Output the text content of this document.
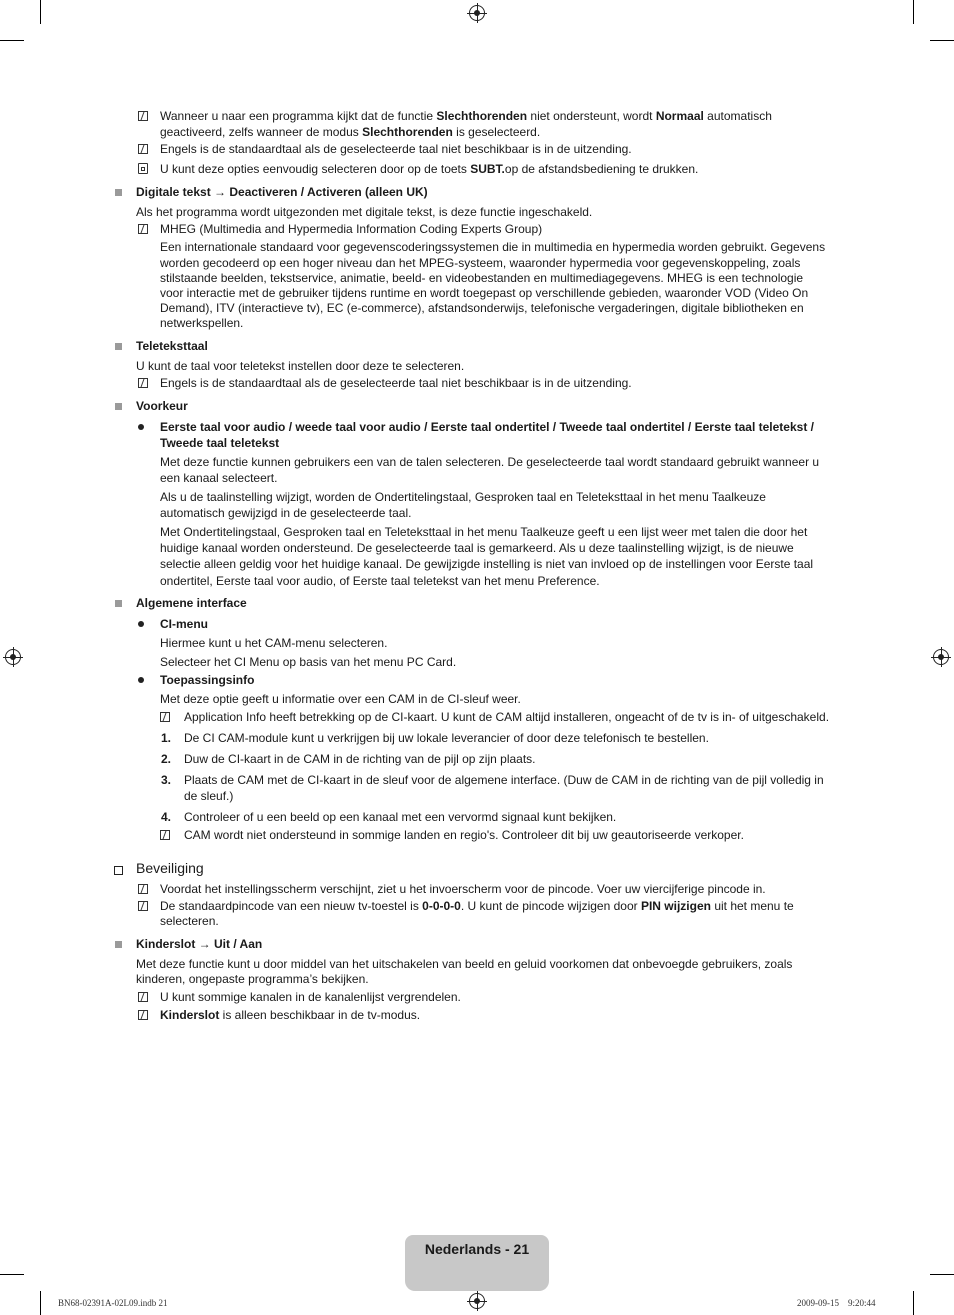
Wanneer u naar een programma kijkt dat de functie Slechthorenden niet ondersteunt, wordt Normaal automatisch
geactiveerd, zelfs wanneer de modus Slechthorenden is geselecteerd.
Engels is de standaardtaal als de geselecteerde taal niet beschikbaar is in de uitzending.
U kunt deze opties eenvoudig selecteren door op de toets SUBT.op de afstandsbediening te drukken.
Digitale tekst → Deactiveren / Activeren (alleen UK)
Als het programma wordt uitgezonden met digitale tekst, is deze functie ingeschakeld.
MHEG (Multimedia and Hypermedia Information Coding Experts Group)
Een internationale standaard voor gegevenscoderingssystemen die in multimedia en hypermedia worden gebruikt. Gegevens
worden gecodeerd op een hoger niveau dan het MPEG-systeem, waaronder hypermedia voor gegevenskoppeling, zoals
stilstaande beelden, tekstservice, animatie, beeld- en videobestanden en multimediagegevens. MHEG is een technologie
voor interactie met de gebruiker tijdens runtime en wordt toegepast op verschillende gebieden, waaronder VOD (Video On
Demand), ITV (interactieve tv), EC (e-commerce), afstandsonderwijs, telefonische vergaderingen, digitale bibliotheken en
netwerkspellen.
Teleteksttaal
U kunt de taal voor teletekst instellen door deze te selecteren.
Engels is de standaardtaal als de geselecteerde taal niet beschikbaar is in de uitzending.
Voorkeur
Eerste taal voor audio / weede taal voor audio / Eerste taal ondertitel / Tweede taal ondertitel / Eerste taal teletekst /
Tweede taal teletekst
Met deze functie kunnen gebruikers een van de talen selecteren. De geselecteerde taal wordt standaard gebruikt wanneer u
een kanaal selecteert.
Als u de taalinstelling wijzigt, worden de Ondertitelingstaal, Gesproken taal en Teleteksttaal in het menu Taalkeuze
automatisch gewijzigd in de geselecteerde taal.
Met Ondertitelingstaal, Gesproken taal en Teleteksttaal in het menu Taalkeuze geeft u een lijst weer met talen die door het
huidige kanaal worden ondersteund. De geselecteerde taal is gemarkeerd. Als u deze taalinstelling wijzigt, is de nieuwe
selectie alleen geldig voor het huidige kanaal. De gewijzigde instelling is niet van invloed op de instellingen voor Eerste taal
ondertitel, Eerste taal voor audio, of Eerste taal teletekst van het menu Preference.
Algemene interface
CI-menu
Hiermee kunt u het CAM-menu selecteren.
Selecteer het CI Menu op basis van het menu PC Card.
Toepassingsinfo
Met deze optie geeft u informatie over een CAM in de CI-sleuf weer.
Application Info heeft betrekking op de CI-kaart. U kunt de CAM altijd installeren, ongeacht of de tv is in- of uitgeschakeld.
1. De CI CAM-module kunt u verkrijgen bij uw lokale leverancier of door deze telefonisch te bestellen.
2. Duw de CI-kaart in de CAM in de richting van de pijl op zijn plaats.
3. Plaats de CAM met de CI-kaart in de sleuf voor de algemene interface. (Duw de CAM in de richting van de pijl volledig in
de sleuf.)
4. Controleer of u een beeld op een kanaal met een vervormd signaal kunt bekijken.
CAM wordt niet ondersteund in sommige landen en regio's. Controleer dit bij uw geautoriseerde verkoper.
Beveiliging
Voordat het instellingsscherm verschijnt, ziet u het invoerscherm voor de pincode. Voer uw viercijferige pincode in.
De standaardpincode van een nieuw tv-toestel is 0-0-0-0. U kunt de pincode wijzigen door PIN wijzigen uit het menu te
selecteren.
Kinderslot → Uit / Aan
Met deze functie kunt u door middel van het uitschakelen van beeld en geluid voorkomen dat onbevoegde gebruikers, zoals
kinderen, ongepaste programma’s bekijken.
U kunt sommige kanalen in de kanalenlijst vergrendelen.
Kinderslot is alleen beschikbaar in de tv-modus.
Nederlands - 21
BN68-02391A-02L09.indb 21	2009-09-15    9:20:44
